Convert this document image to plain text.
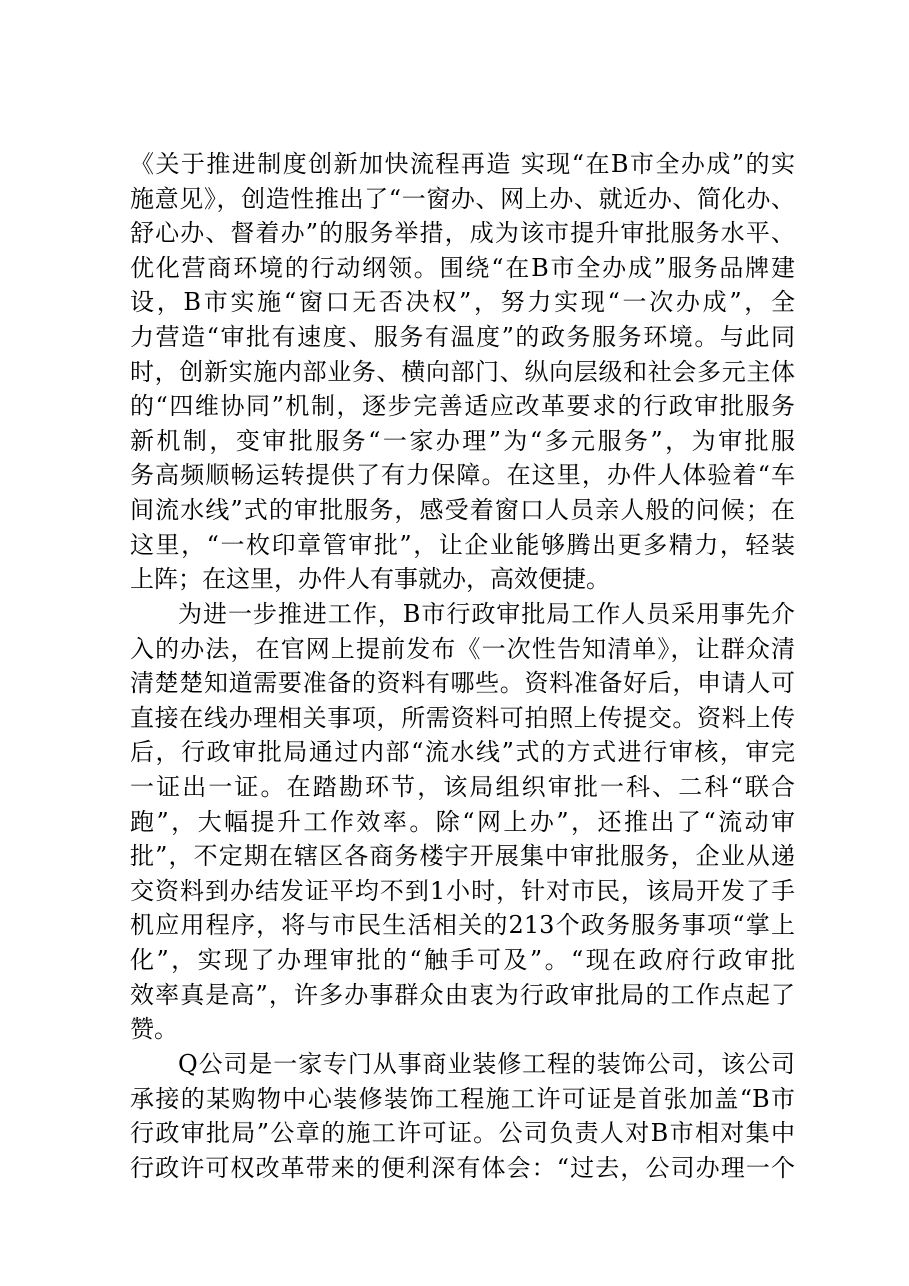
《关于推进制度创新加快流程再造 实现“在B市全办成”的实
施意见》，创造性推出了“一窗办、网上办、就近办、简化办、
舒心办、督着办”的服务举措，成为该市提升审批服务水平、
优化营商环境的行动纲领。围绕“在B市全办成”服务品牌建
设，B市实施“窗口无否决权”，努力实现“一次办成”，全
力营造“审批有速度、服务有温度”的政务服务环境。与此同
时，创新实施内部业务、横向部门、纵向层级和社会多元主体
的“四维协同”机制，逐步完善适应改革要求的行政审批服务
新机制，变审批服务“一家办理”为“多元服务”，为审批服
务高频顺畅运转提供了有力保障。在这里，办件人体验着“车
间流水线”式的审批服务，感受着窗口人员亲人般的问候；在
这里，“一枚印章管审批”，让企业能够腾出更多精力，轻装
上阵；在这里，办件人有事就办，高效便捷。
为进一步推进工作，B市行政审批局工作人员采用事先介
入的办法，在官网上提前发布《一次性告知清单》，让群众清
清楚楚知道需要准备的资料有哪些。资料准备好后，申请人可
直接在线办理相关事项，所需资料可拍照上传提交。资料上传
后，行政审批局通过内部“流水线”式的方式进行审核，审完
一证出一证。在踏勘环节，该局组织审批一科、二科“联合
跑”，大幅提升工作效率。除“网上办”，还推出了“流动审
批”，不定期在辖区各商务楼宇开展集中审批服务，企业从递
交资料到办结发证平均不到1小时，针对市民，该局开发了手
机应用程序，将与市民生活相关的213个政务服务事项“掌上
化”，实现了办理审批的“触手可及”。“现在政府行政审批
效率真是高”，许多办事群众由衷为行政审批局的工作点起了
赞。
Q公司是一家专门从事商业装修工程的装饰公司，该公司
承接的某购物中心装修装饰工程施工许可证是首张加盖“B市
行政审批局”公章的施工许可证。公司负责人对B市相对集中
行政许可权改革带来的便利深有体会：“过去，公司办理一个
